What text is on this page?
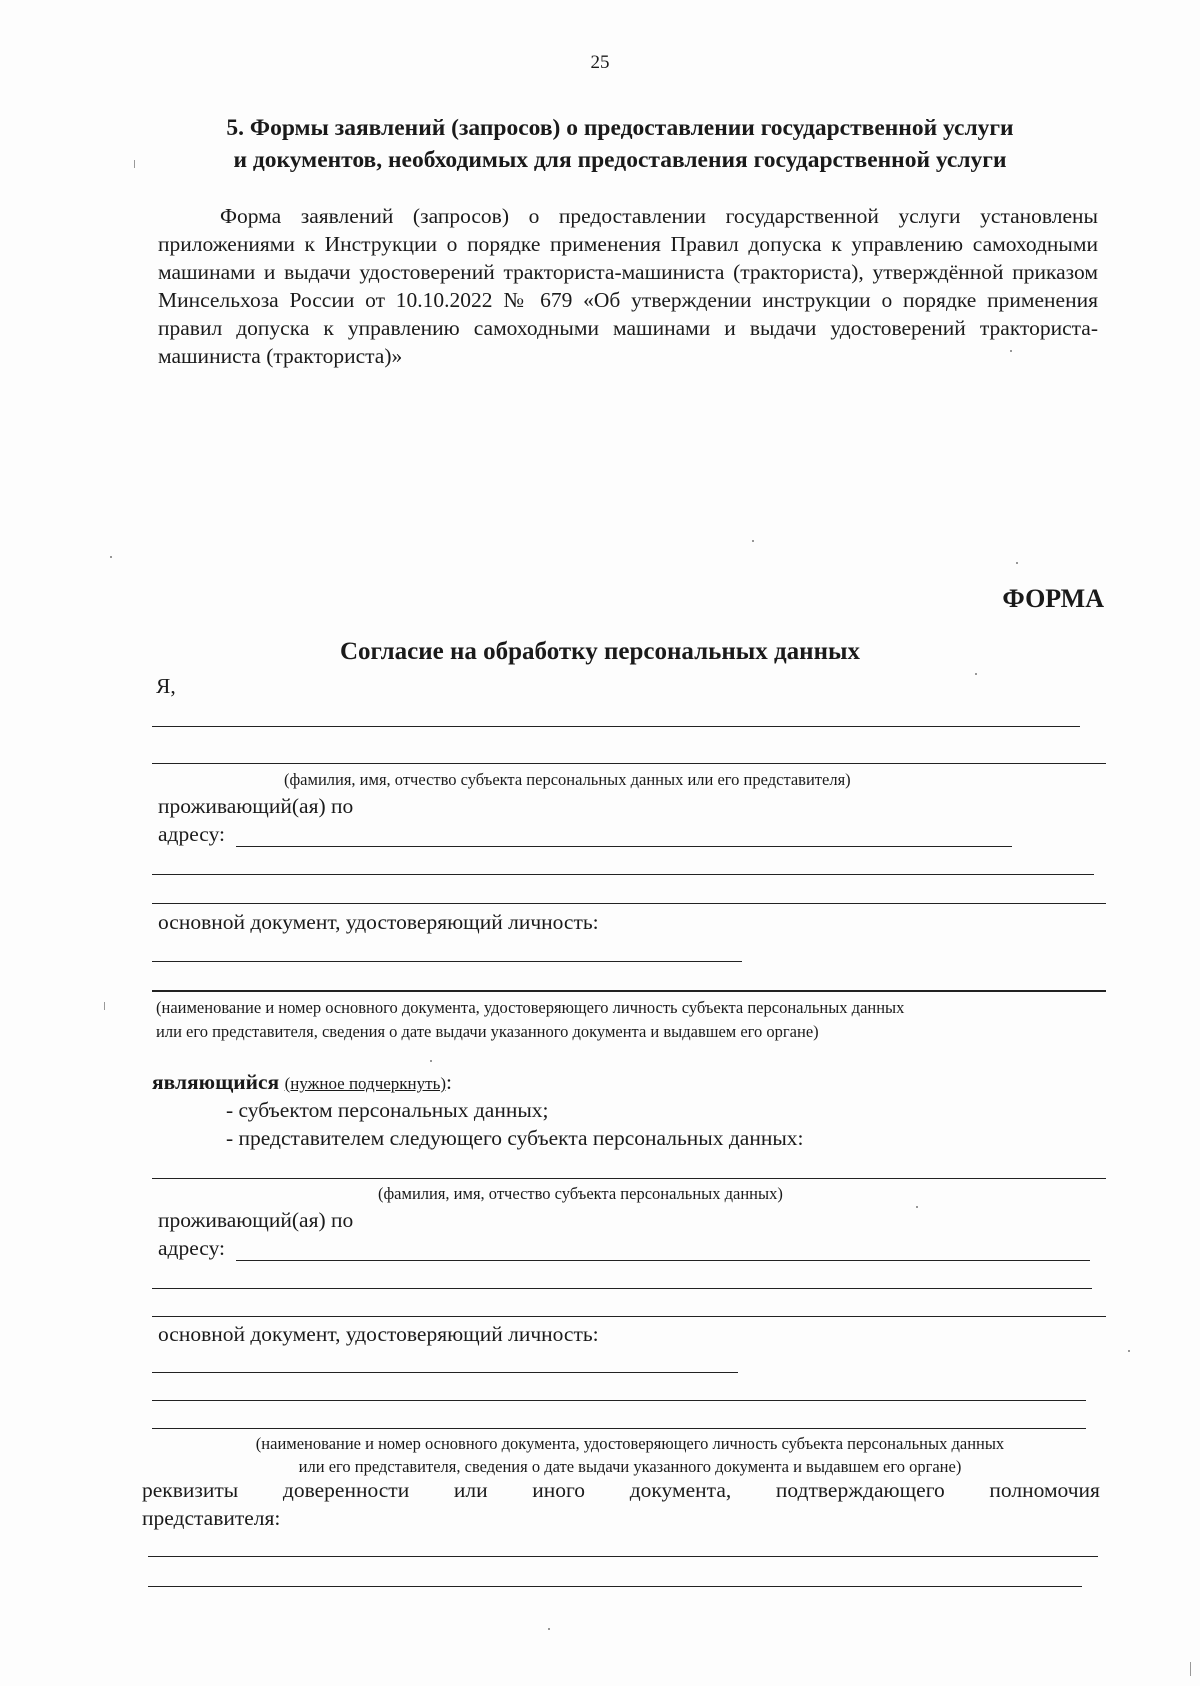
25
5. Формы заявлений (запросов) о предоставлении государственной услуги
и документов, необходимых для предоставления государственной услуги
Форма заявлений (запросов) о предоставлении государственной услуги установлены приложениями к Инструкции о порядке применения Правил допуска к управлению самоходными машинами и выдачи удостоверений тракториста-машиниста (тракториста), утверждённой приказом Минсельхоза России от 10.10.2022 № 679 «Об утверждении инструкции о порядке применения правил допуска к управлению самоходными машинами и выдачи удостоверений тракториста-машиниста (тракториста)»
ФОРМА
Согласие на обработку персональных данных
Я,
(фамилия, имя, отчество субъекта персональных данных или его представителя)
проживающий(ая) по
адресу:
основной документ, удостоверяющий личность:
(наименование и номер основного документа, удостоверяющего личность субъекта персональных данных
или его представителя, сведения о дате выдачи указанного документа и выдавшем его органе)
являющийся (нужное подчеркнуть):
- субъектом персональных данных;
- представителем следующего субъекта персональных данных:
(фамилия, имя, отчество субъекта персональных данных)
проживающий(ая) по
адресу:
основной документ, удостоверяющий личность:
(наименование и номер основного документа, удостоверяющего личность субъекта персональных данных
или его представителя, сведения о дате выдачи указанного документа и выдавшем его органе)
реквизиты доверенности или иного документа, подтверждающего полномочия
представителя:
